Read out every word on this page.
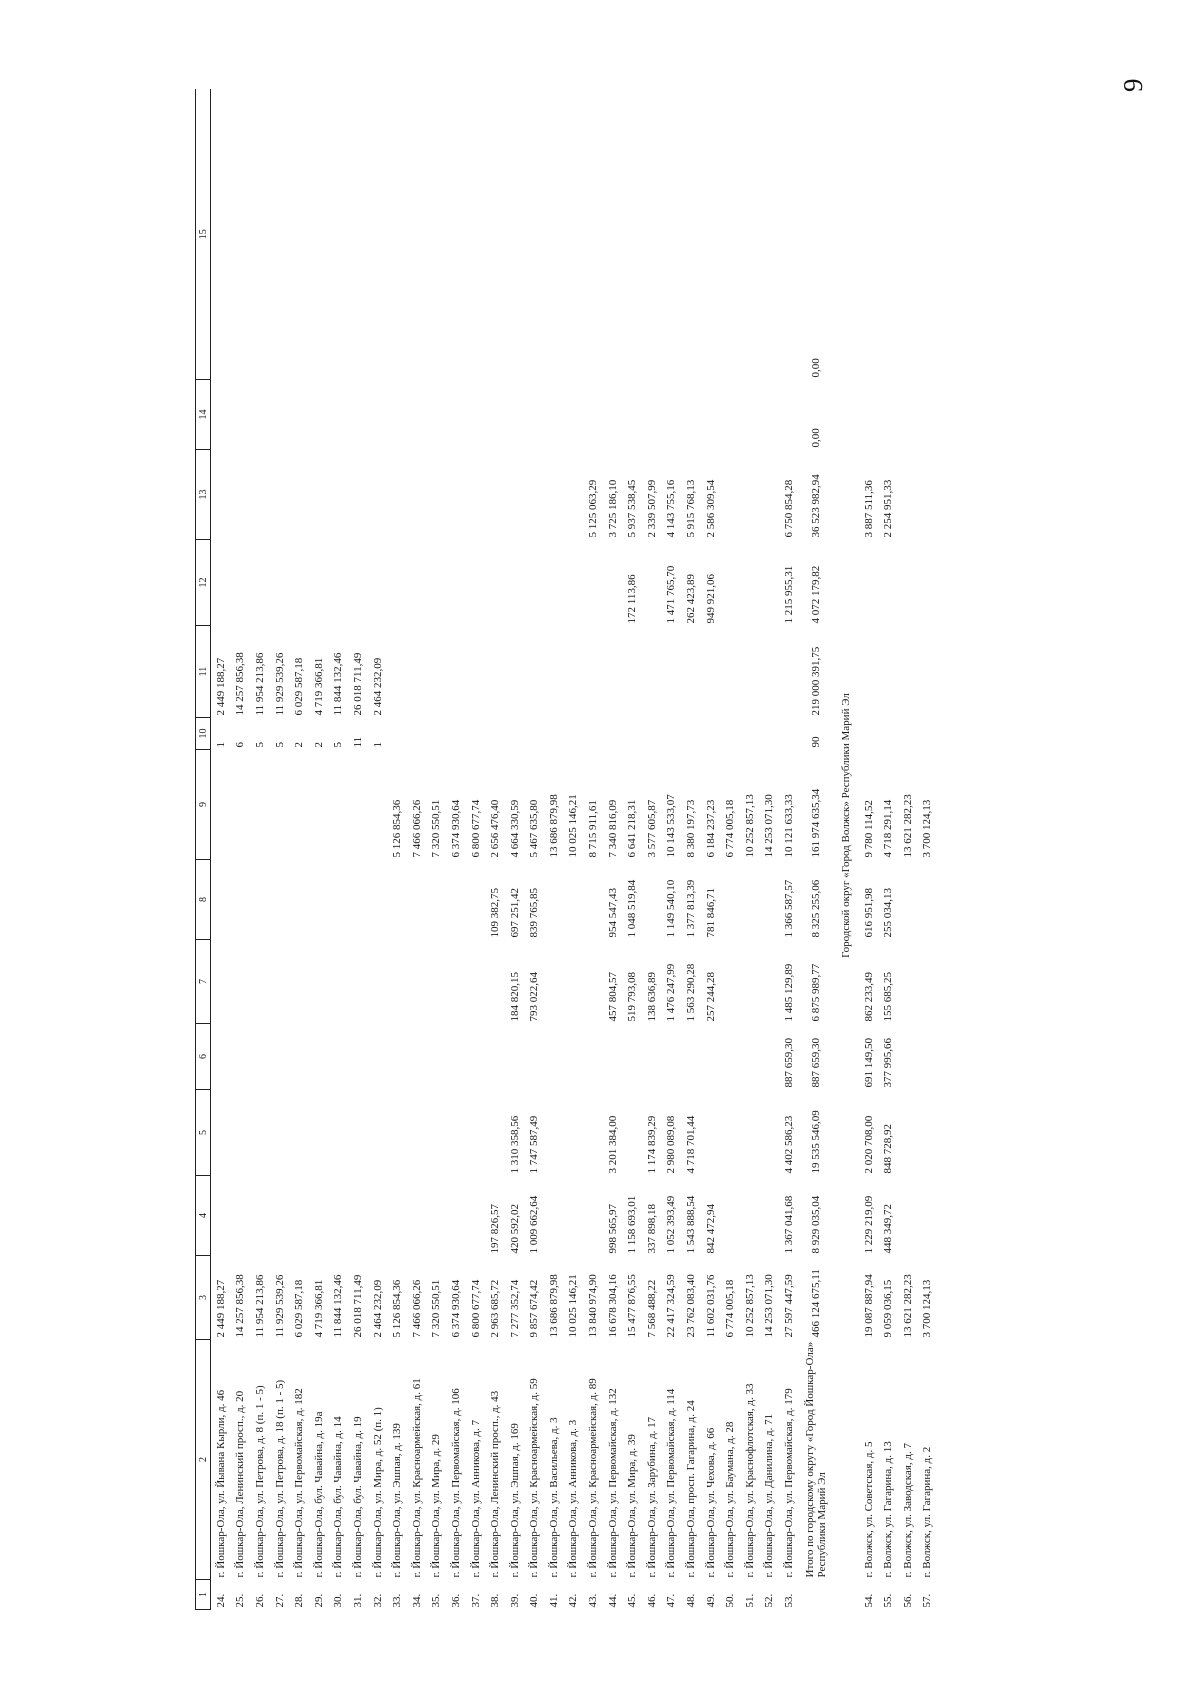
9
1	2	3	4	5	6	7	8	9	10	11	12	13	14	15
24.	г. Йошкар-Ола, ул. Йывана Кырли, д. 46	2 449 188,27							1	2 449 188,27				
25.	г. Йошкар-Ола, Ленинский просп., д. 20	14 257 856,38							6	14 257 856,38				
26.	г. Йошкар-Ола, ул. Петрова, д. 8 (п. 1 - 5)	11 954 213,86							5	11 954 213,86				
27.	г. Йошкар-Ола, ул. Петрова, д. 18 (п. 1 - 5)	11 929 539,26							5	11 929 539,26				
28.	г. Йошкар-Ола, ул. Первомайская, д. 182	6 029 587,18							2	6 029 587,18				
29.	г. Йошкар-Ола, бул. Чавайна, д. 19а	4 719 366,81							2	4 719 366,81				
30.	г. Йошкар-Ола, бул. Чавайна, д. 14	11 844 132,46							5	11 844 132,46				
31.	г. Йошкар-Ола, бул. Чавайна, д. 19	26 018 711,49							11	26 018 711,49				
32.	г. Йошкар-Ола, ул. Мира, д. 52 (п. 1)	2 464 232,09							1	2 464 232,09				
33.	г. Йошкар-Ола, ул. Эшпая, д. 139	5 126 854,36						5 126 854,36						
34.	г. Йошкар-Ола, ул. Красноармейская, д. 61	7 466 066,26						7 466 066,26						
35.	г. Йошкар-Ола, ул. Мира, д. 29	7 320 550,51						7 320 550,51						
36.	г. Йошкар-Ола, ул. Первомайская, д. 106	6 374 930,64						6 374 930,64						
37.	г. Йошкар-Ола, ул. Анникова, д. 7	6 800 677,74						6 800 677,74						
38.	г. Йошкар-Ола, Ленинский просп., д. 43	2 963 685,72	197 826,57				109 382,75	2 656 476,40						
39.	г. Йошкар-Ола, ул. Эшпая, д. 169	7 277 352,74	420 592,02	1 310 358,56		184 820,15	697 251,42	4 664 330,59						
40.	г. Йошкар-Ола, ул. Красноармейская, д. 59	9 857 674,42	1 009 662,64	1 747 587,49		793 022,64	839 765,85	5 467 635,80						
41.	г. Йошкар-Ола, ул. Васильева, д. 3	13 686 879,98						13 686 879,98						
42.	г. Йошкар-Ола, ул. Анникова, д. 3	10 025 146,21						10 025 146,21						
43.	г. Йошкар-Ола, ул. Красноармейская, д. 89	13 840 974,90						8 715 911,61				5 125 063,29		
44.	г. Йошкар-Ола, ул. Первомайская, д. 132	16 678 304,16	998 565,97	3 201 384,00		457 804,57	954 547,43	7 340 816,09				3 725 186,10		
45.	г. Йошкар-Ола, ул. Мира, д. 39	15 477 876,55	1 158 693,01			519 793,08	1 048 519,84	6 641 218,31			172 113,86	5 937 538,45		
46.	г. Йошкар-Ола, ул. Зарубина, д. 17	7 568 488,22	337 898,18	1 174 839,29		138 636,89		3 577 605,87				2 339 507,99		
47.	г. Йошкар-Ола, ул. Первомайская, д. 114	22 417 324,59	1 052 393,49	2 980 089,08		1 476 247,99	1 149 540,10	10 143 533,07			1 471 765,70	4 143 755,16		
48.	г. Йошкар-Ола, просп. Гагарина, д. 24	23 762 083,40	1 543 888,54	4 718 701,44		1 563 290,28	1 377 813,39	8 380 197,73			262 423,89	5 915 768,13		
49.	г. Йошкар-Ола, ул. Чехова, д. 66	11 602 031,76	842 472,94			257 244,28	781 846,71	6 184 237,23			949 921,06	2 586 309,54		
50.	г. Йошкар-Ола, ул. Баумана, д. 28	6 774 005,18						6 774 005,18						
51.	г. Йошкар-Ола, ул. Краснофлотская, д. 33	10 252 857,13						10 252 857,13						
52.	г. Йошкар-Ола, ул. Данилина, д. 71	14 253 071,30						14 253 071,30						
53.	г. Йошкар-Ола, ул. Первомайская, д. 179	27 597 447,59	1 367 041,68	4 402 586,23	887 659,30	1 485 129,89	1 366 587,57	10 121 633,33			1 215 955,31	6 750 854,28		
	Итого по городскому округу «Город Йошкар-Ола» Республики Марий Эл	466 124 675,11	8 929 035,04	19 535 546,09	887 659,30	6 875 989,77	8 325 255,06	161 974 635,34	90	219 000 391,75	4 072 179,82	36 523 982,94	0,00	0,00
						Городской округ «Город Волжск» Республики Марий Эл								
54.	г. Волжск, ул. Советская, д. 5	19 087 887,94	1 229 219,09	2 020 708,00	691 149,50	862 233,49	616 951,98	9 780 114,52				3 887 511,36		
55.	г. Волжск, ул. Гагарина, д. 13	9 059 036,15	448 349,72	848 728,92	377 995,66	155 685,25	255 034,13	4 718 291,14				2 254 951,33		
56.	г. Волжск, ул. Заводская, д. 7	13 621 282,23						13 621 282,23						
57.	г. Волжск, ул. Гагарина, д. 2	3 700 124,13						3 700 124,13						
